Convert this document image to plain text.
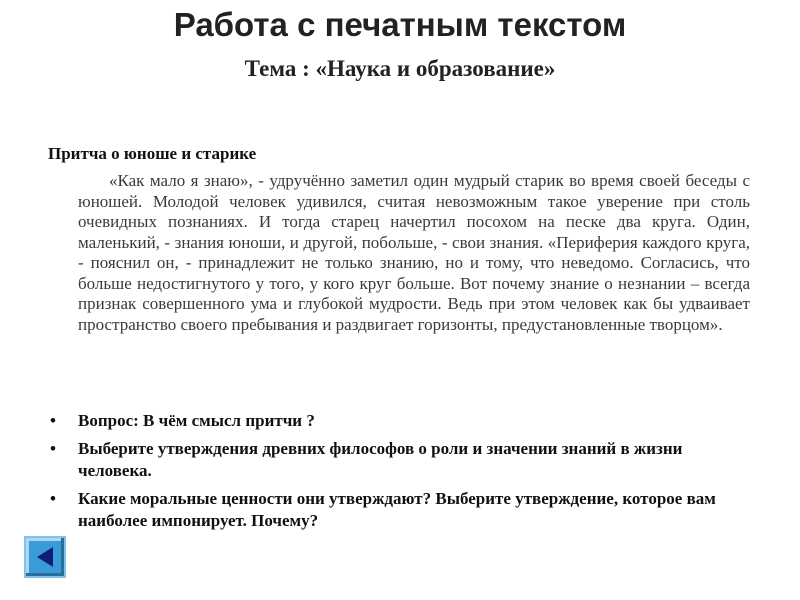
Работа с печатным текстом
Тема : «Наука и образование»
Притча о юноше и старике

«Как мало я знаю», - удручённо заметил один мудрый старик во время своей беседы с юношей. Молодой человек удивился, считая невозможным такое уверение при столь очевидных познаниях. И тогда старец начертил посохом на песке два круга. Один, маленький, - знания юноши, и другой, побольше, - свои знания. «Периферия каждого круга, - пояснил он, - принадлежит не только знанию, но и тому, что неведомо. Согласись, что больше недостигнутого у того, у кого круг больше. Вот почему знание о незнании – всегда признак совершенного ума и глубокой мудрости. Ведь при этом человек как бы удваивает пространство своего пребывания и раздвигает горизонты, предустановленные творцом».

•	Вопрос: В чём смысл притчи ?
•	Выберите утверждения древних философов о роли и значении знаний в жизни человека.
•	Какие моральные ценности они утверждают? Выберите утверждение, которое вам наиболее импонирует. Почему?
